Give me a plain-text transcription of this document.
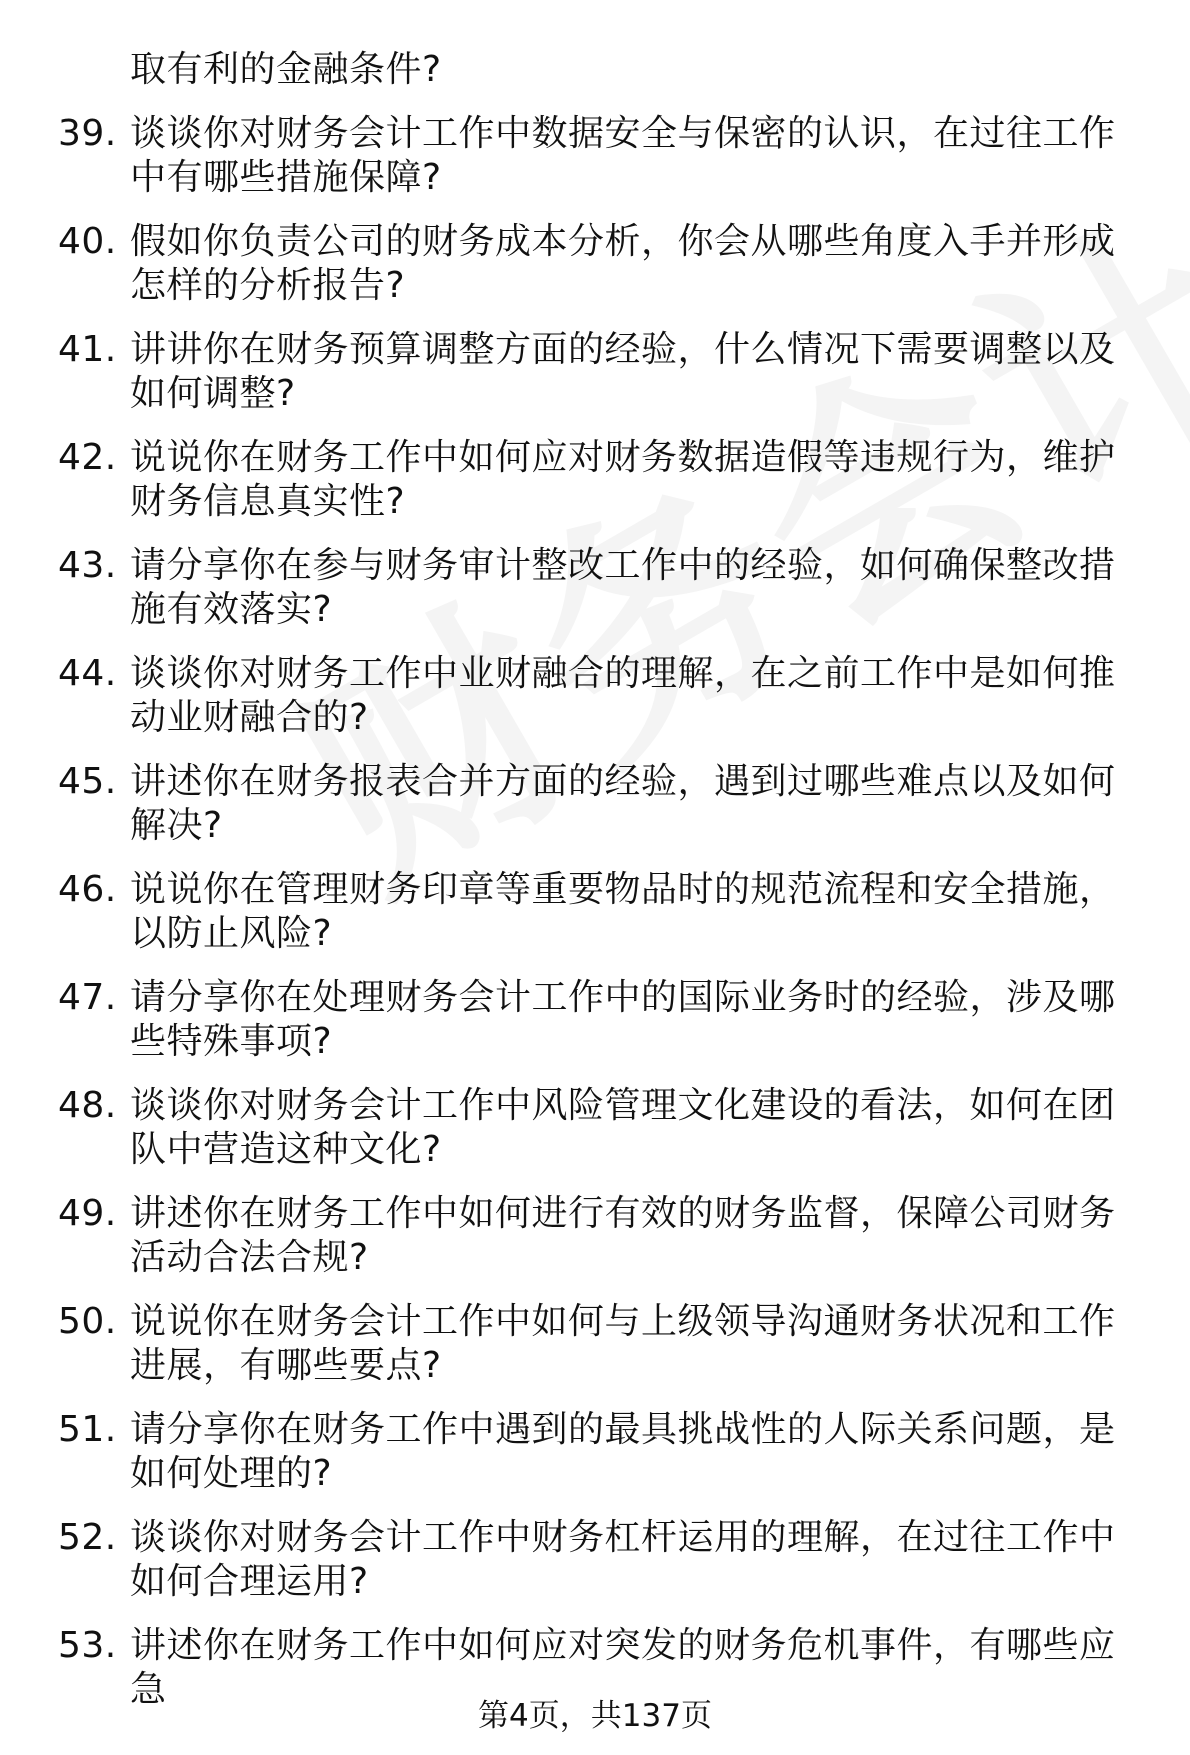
取有利的金融条件?
39. 谈谈你对财务会计工作中数据安全与保密的认识，在过往工作中有哪些措施保障?
40. 假如你负责公司的财务成本分析，你会从哪些角度入手并形成怎样的分析报告?
41. 讲讲你在财务预算调整方面的经验，什么情况下需要调整以及如何调整?
42. 说说你在财务工作中如何应对财务数据造假等违规行为，维护财务信息真实性?
43. 请分享你在参与财务审计整改工作中的经验，如何确保整改措施有效落实?
44. 谈谈你对财务工作中业财融合的理解，在之前工作中是如何推动业财融合的?
45. 讲述你在财务报表合并方面的经验，遇到过哪些难点以及如何解决?
46. 说说你在管理财务印章等重要物品时的规范流程和安全措施，以防止风险?
47. 请分享你在处理财务会计工作中的国际业务时的经验，涉及哪些特殊事项?
48. 谈谈你对财务会计工作中风险管理文化建设的看法，如何在团队中营造这种文化?
49. 讲述你在财务工作中如何进行有效的财务监督，保障公司财务活动合法合规?
50. 说说你在财务会计工作中如何与上级领导沟通财务状况和工作进展，有哪些要点?
51. 请分享你在财务工作中遇到的最具挑战性的人际关系问题，是如何处理的?
52. 谈谈你对财务会计工作中财务杠杆运用的理解，在过往工作中如何合理运用?
53. 讲述你在财务工作中如何应对突发的财务危机事件，有哪些应急
第4页，共137页
